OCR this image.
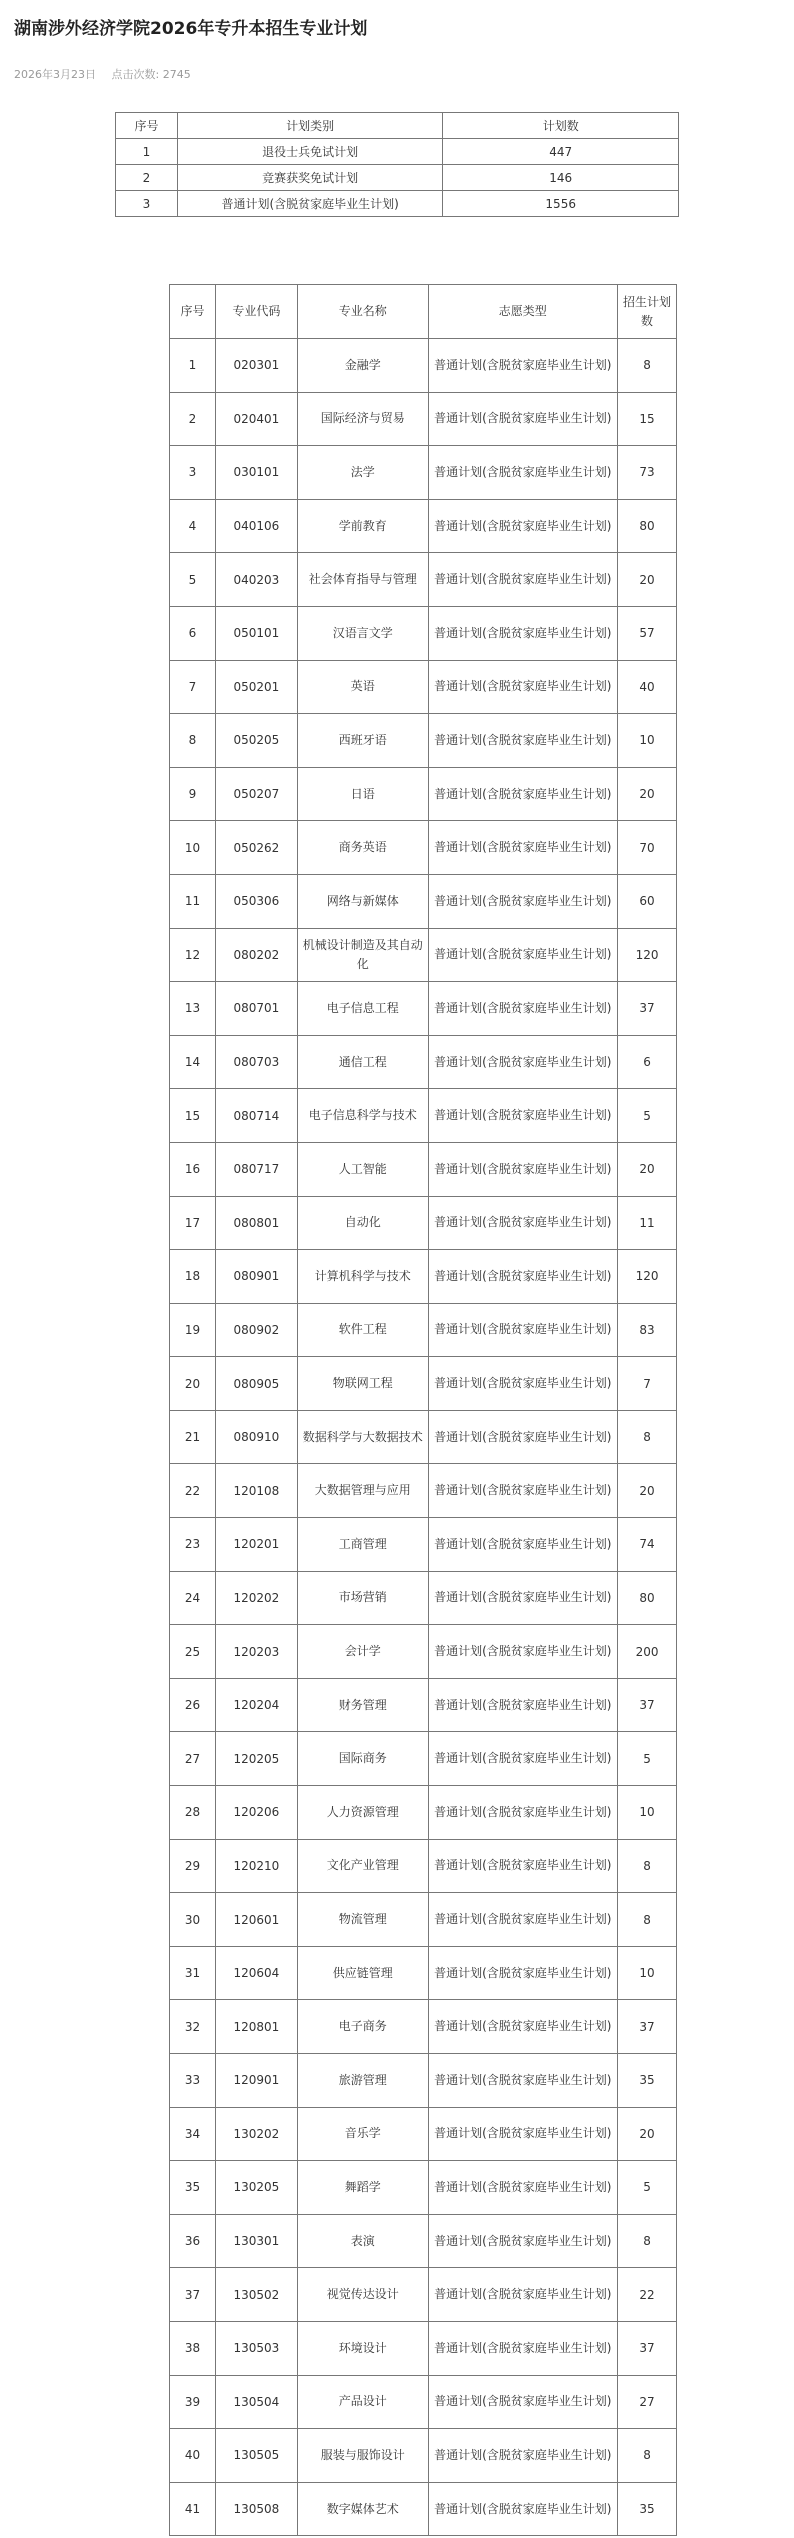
湖南涉外经济学院2026年专升本招生专业计划
2026年3月23日 点击次数: 2745
序号	计划类别	计划数
1	退役士兵免试计划	447
2	竞赛获奖免试计划	146
3	普通计划(含脱贫家庭毕业生计划)	1556
序号	专业代码	专业名称	志愿类型	招生计划数
1	020301	金融学	普通计划(含脱贫家庭毕业生计划)	8
2	020401	国际经济与贸易	普通计划(含脱贫家庭毕业生计划)	15
3	030101	法学	普通计划(含脱贫家庭毕业生计划)	73
4	040106	学前教育	普通计划(含脱贫家庭毕业生计划)	80
5	040203	社会体育指导与管理	普通计划(含脱贫家庭毕业生计划)	20
6	050101	汉语言文学	普通计划(含脱贫家庭毕业生计划)	57
7	050201	英语	普通计划(含脱贫家庭毕业生计划)	40
8	050205	西班牙语	普通计划(含脱贫家庭毕业生计划)	10
9	050207	日语	普通计划(含脱贫家庭毕业生计划)	20
10	050262	商务英语	普通计划(含脱贫家庭毕业生计划)	70
11	050306	网络与新媒体	普通计划(含脱贫家庭毕业生计划)	60
12	080202	机械设计制造及其自动化	普通计划(含脱贫家庭毕业生计划)	120
13	080701	电子信息工程	普通计划(含脱贫家庭毕业生计划)	37
14	080703	通信工程	普通计划(含脱贫家庭毕业生计划)	6
15	080714	电子信息科学与技术	普通计划(含脱贫家庭毕业生计划)	5
16	080717	人工智能	普通计划(含脱贫家庭毕业生计划)	20
17	080801	自动化	普通计划(含脱贫家庭毕业生计划)	11
18	080901	计算机科学与技术	普通计划(含脱贫家庭毕业生计划)	120
19	080902	软件工程	普通计划(含脱贫家庭毕业生计划)	83
20	080905	物联网工程	普通计划(含脱贫家庭毕业生计划)	7
21	080910	数据科学与大数据技术	普通计划(含脱贫家庭毕业生计划)	8
22	120108	大数据管理与应用	普通计划(含脱贫家庭毕业生计划)	20
23	120201	工商管理	普通计划(含脱贫家庭毕业生计划)	74
24	120202	市场营销	普通计划(含脱贫家庭毕业生计划)	80
25	120203	会计学	普通计划(含脱贫家庭毕业生计划)	200
26	120204	财务管理	普通计划(含脱贫家庭毕业生计划)	37
27	120205	国际商务	普通计划(含脱贫家庭毕业生计划)	5
28	120206	人力资源管理	普通计划(含脱贫家庭毕业生计划)	10
29	120210	文化产业管理	普通计划(含脱贫家庭毕业生计划)	8
30	120601	物流管理	普通计划(含脱贫家庭毕业生计划)	8
31	120604	供应链管理	普通计划(含脱贫家庭毕业生计划)	10
32	120801	电子商务	普通计划(含脱贫家庭毕业生计划)	37
33	120901	旅游管理	普通计划(含脱贫家庭毕业生计划)	35
34	130202	音乐学	普通计划(含脱贫家庭毕业生计划)	20
35	130205	舞蹈学	普通计划(含脱贫家庭毕业生计划)	5
36	130301	表演	普通计划(含脱贫家庭毕业生计划)	8
37	130502	视觉传达设计	普通计划(含脱贫家庭毕业生计划)	22
38	130503	环境设计	普通计划(含脱贫家庭毕业生计划)	37
39	130504	产品设计	普通计划(含脱贫家庭毕业生计划)	27
40	130505	服装与服饰设计	普通计划(含脱贫家庭毕业生计划)	8
41	130508	数字媒体艺术	普通计划(含脱贫家庭毕业生计划)	35
